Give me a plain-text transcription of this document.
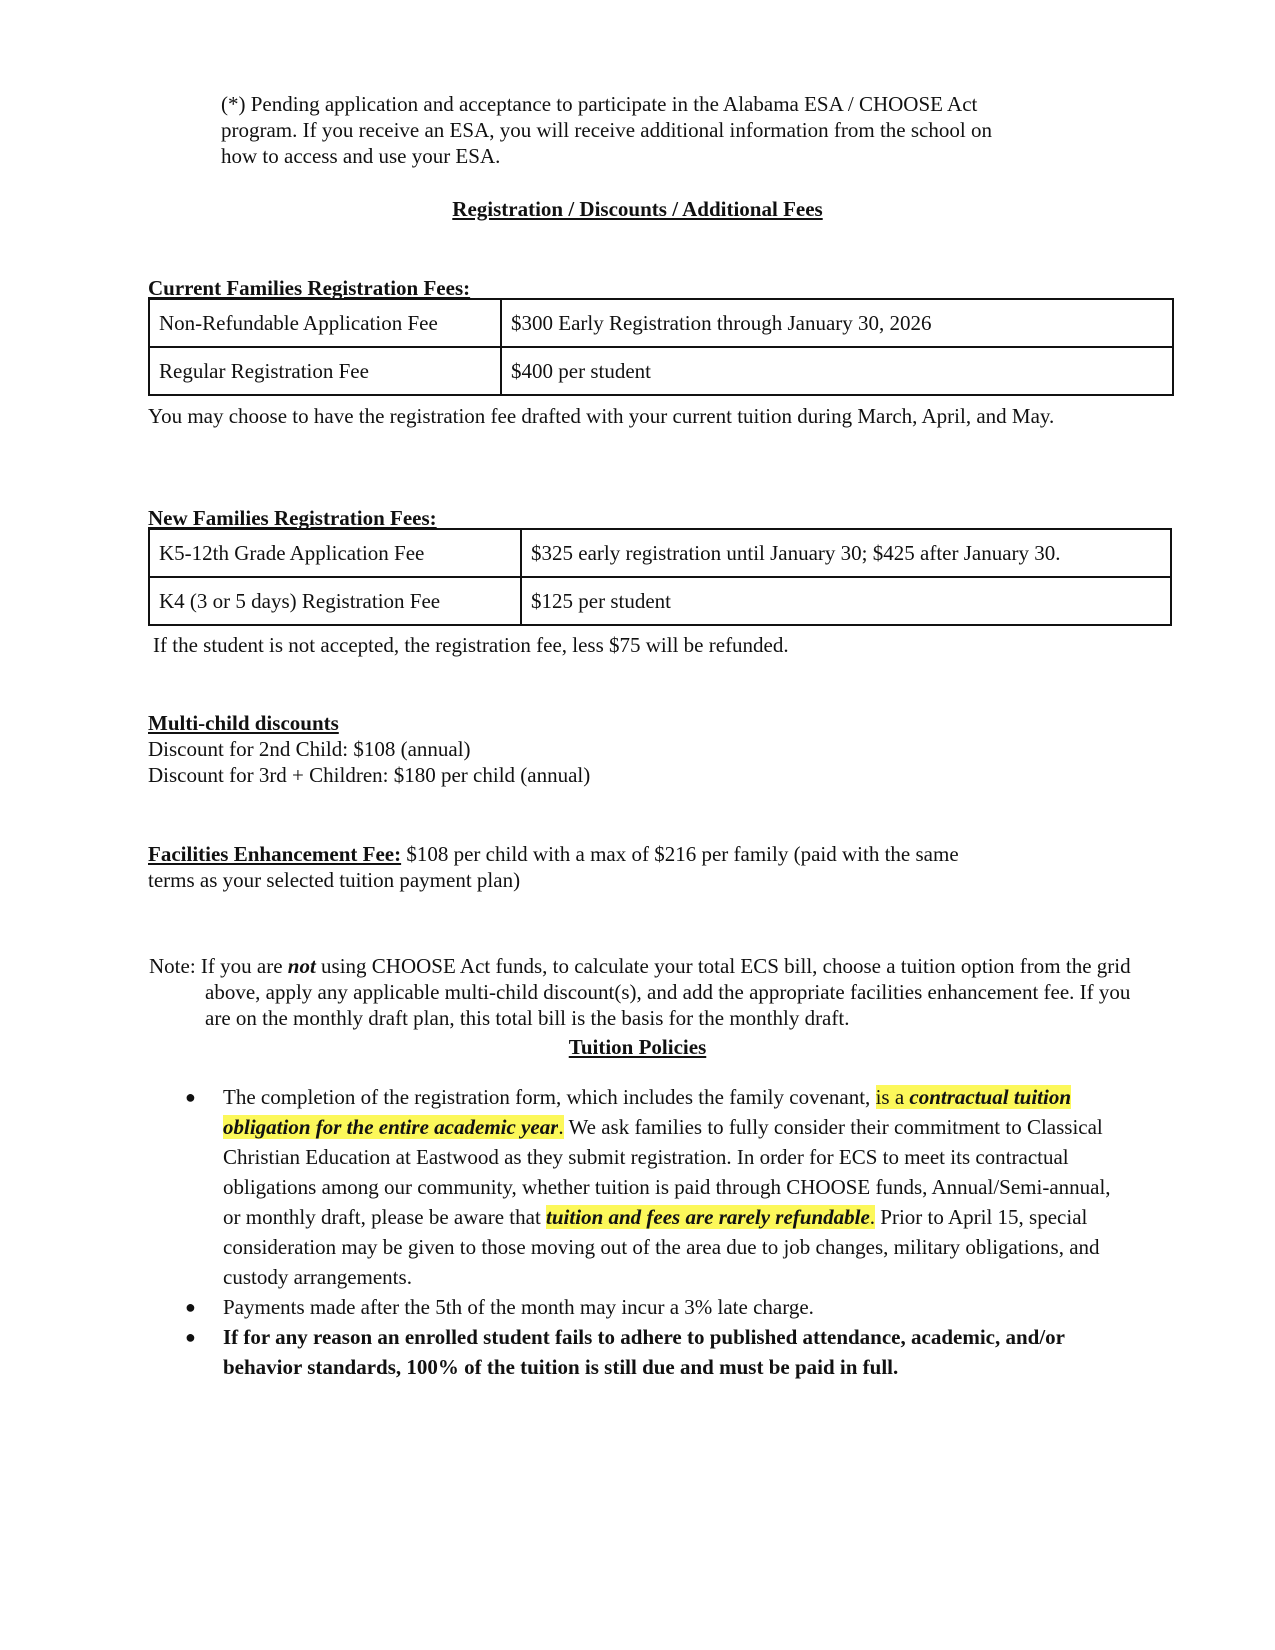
(*) Pending application and acceptance to participate in the Alabama ESA / CHOOSE Act program. If you receive an ESA, you will receive additional information from the school on how to access and use your ESA.

Registration / Discounts / Additional Fees
Current Families Registration Fees:
Non-Refundable Application Fee	$300 Early Registration through January 30, 2026
Regular Registration Fee	$400 per student

You may choose to have the registration fee drafted with your current tuition during March, April, and May.

New Families Registration Fees:
K5-12th Grade Application Fee	$325 early registration until January 30; $425 after January 30.
K4 (3 or 5 days) Registration Fee	$125 per student

If the student is not accepted, the registration fee, less $75 will be refunded.

Multi-child discounts
Discount for 2nd Child: $108 (annual)
Discount for 3rd + Children: $180 per child (annual)

Facilities Enhancement Fee: $108 per child with a max of $216 per family (paid with the same terms as your selected tuition payment plan)

Note: If you are not using CHOOSE Act funds, to calculate your total ECS bill, choose a tuition option from the grid above, apply any applicable multi-child discount(s), and add the appropriate facilities enhancement fee. If you are on the monthly draft plan, this total bill is the basis for the monthly draft.

Tuition Policies
● The completion of the registration form, which includes the family covenant, is a contractual tuition obligation for the entire academic year. We ask families to fully consider their commitment to Classical Christian Education at Eastwood as they submit registration. In order for ECS to meet its contractual obligations among our community, whether tuition is paid through CHOOSE funds, Annual/Semi-annual, or monthly draft, please be aware that tuition and fees are rarely refundable. Prior to April 15, special consideration may be given to those moving out of the area due to job changes, military obligations, and custody arrangements.
● Payments made after the 5th of the month may incur a 3% late charge.
● If for any reason an enrolled student fails to adhere to published attendance, academic, and/or behavior standards, 100% of the tuition is still due and must be paid in full.
